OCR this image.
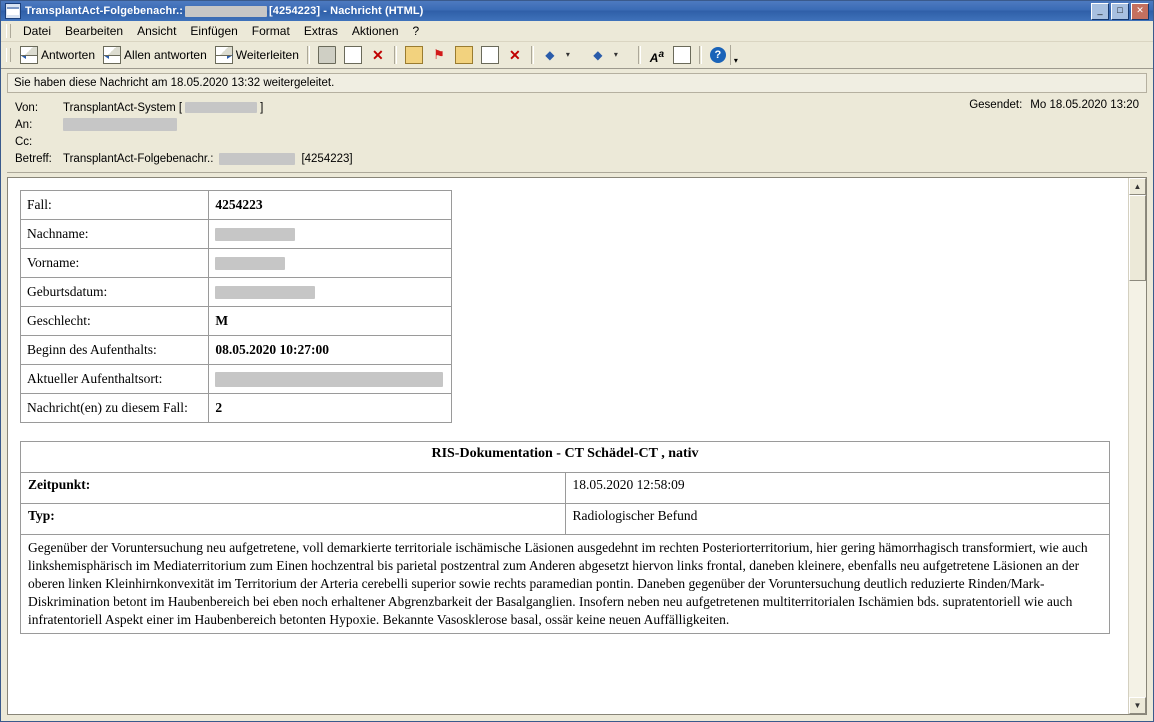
TransplantAct-Folgebenachr.:	[4254223] - Nachricht (HTML)	_	□	✕
Datei	Bearbeiten	Ansicht	Einfügen	Format	Extras	Aktionen	?
Antworten Allen antworten Weiterleiten	✕	⚑	✕ ◆	▾	◆	▾	$A^a$	?	▾
Sie haben diese Nachricht am 18.05.2020 13:32 weitergeleitet.
Von:	TransplantAct-System [	]
An:
Cc:
Betreff: TransplantAct-Folgebenachr.:	[4254223]
Gesendet: Mo 18.05.2020 13:20
Fall:	4254223
Nachname:	
Vorname:	
Geburtsdatum:	
Geschlecht:	M
Beginn des Aufenthalts:	08.05.2020 10:27:00
Aktueller Aufenthaltsort:	
Nachricht(en) zu diesem Fall:	2
RIS-Dokumentation - CT Schädel-CT , nativ	
Zeitpunkt:	18.05.2020 12:58:09
Typ:	Radiologischer Befund
Gegenüber der Voruntersuchung neu aufgetretene, voll demarkierte territoriale ischämische Läsionen ausgedehnt im rechten Posteriorterritorium, hier gering hämorrhagisch transformiert, wie auch linkshemisphärisch im Mediaterritorium zum Einen hochzentral bis parietal postzentral zum Anderen abgesetzt hiervon links frontal, daneben kleinere, ebenfalls neu aufgetretene Läsionen an der oberen linken Kleinhirnkonvexität im Territorium der Arteria cerebelli superior sowie rechts paramedian pontin. Daneben gegenüber der Voruntersuchung deutlich reduzierte Rinden/Mark-Diskrimination betont im Haubenbereich bei eben noch erhaltener Abgrenzbarkeit der Basalganglien. Insofern neben neu aufgetretenen multiterritorialen Ischämien bds. supratentoriell wie auch infratentoriell Aspekt einer im Haubenbereich betonten Hypoxie. Bekannte Vasosklerose basal, ossär keine neuen Auffälligkeiten.	
▲
▼
